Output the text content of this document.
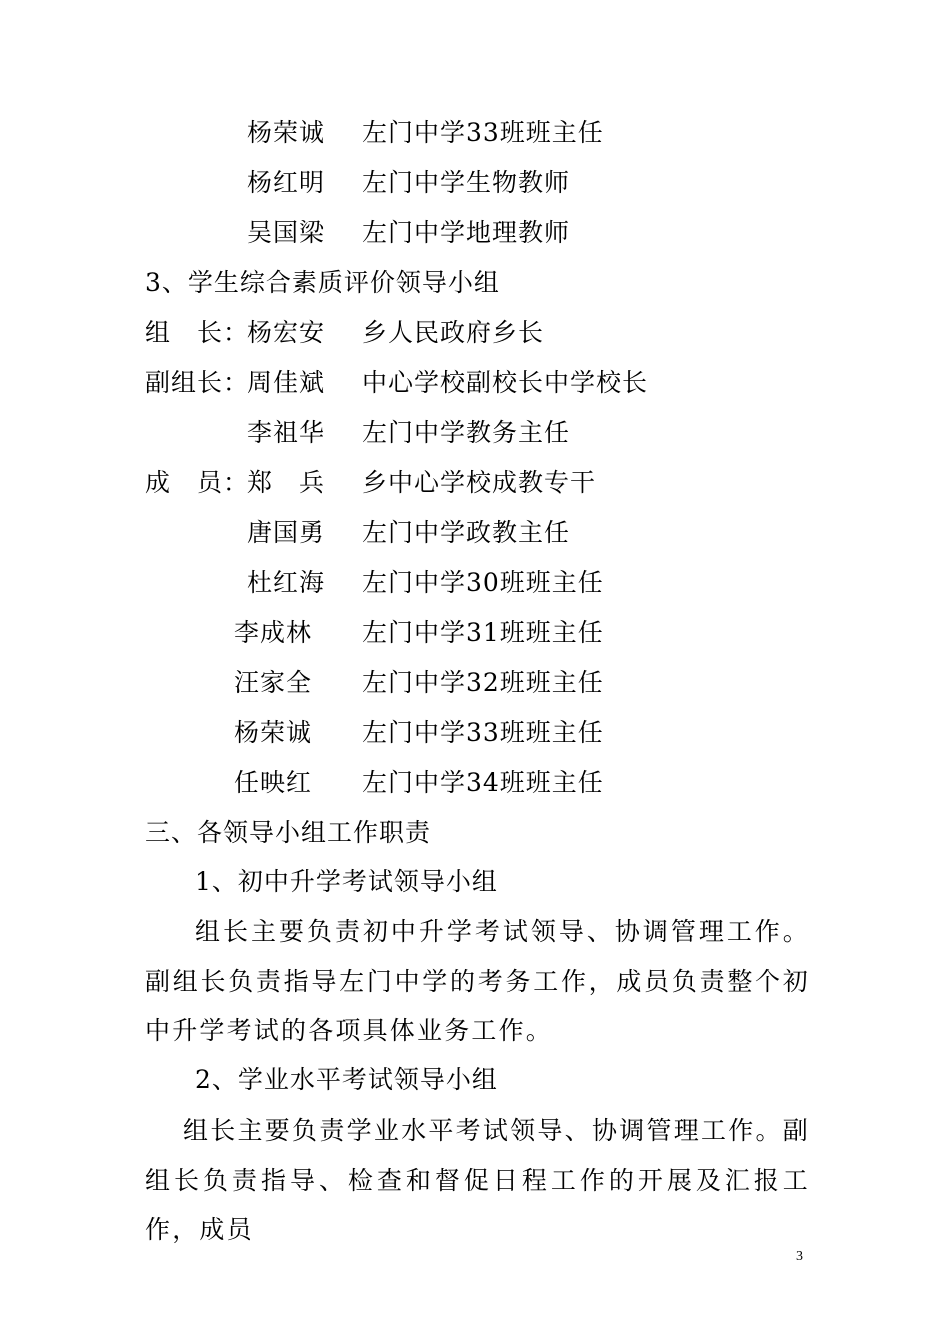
杨荣诚 左门中学33班班主任
杨红明 左门中学生物教师
吴国梁 左门中学地理教师
3、学生综合素质评价领导小组
组　长：
杨宏安 乡人民政府乡长
副组长：
周佳斌 中心学校副校长中学校长
李祖华 左门中学教务主任
成　员：
郑　兵 乡中心学校成教专干
唐国勇 左门中学政教主任
杜红海 左门中学30班班主任
李成林 左门中学31班班主任
汪家全 左门中学32班班主任
杨荣诚 左门中学33班班主任
任映红 左门中学34班班主任
三、各领导小组工作职责
1、初中升学考试领导小组

组长主要负责初中升学考试领导、协调管理工作。副组长负责指导左门中学的考务工作，成员负责整个初中升学考试的各项具体业务工作。

2、学业水平考试领导小组

组长主要负责学业水平考试领导、协调管理工作。副组长负责指导、检查和督促日程工作的开展及汇报工作，成员

3
